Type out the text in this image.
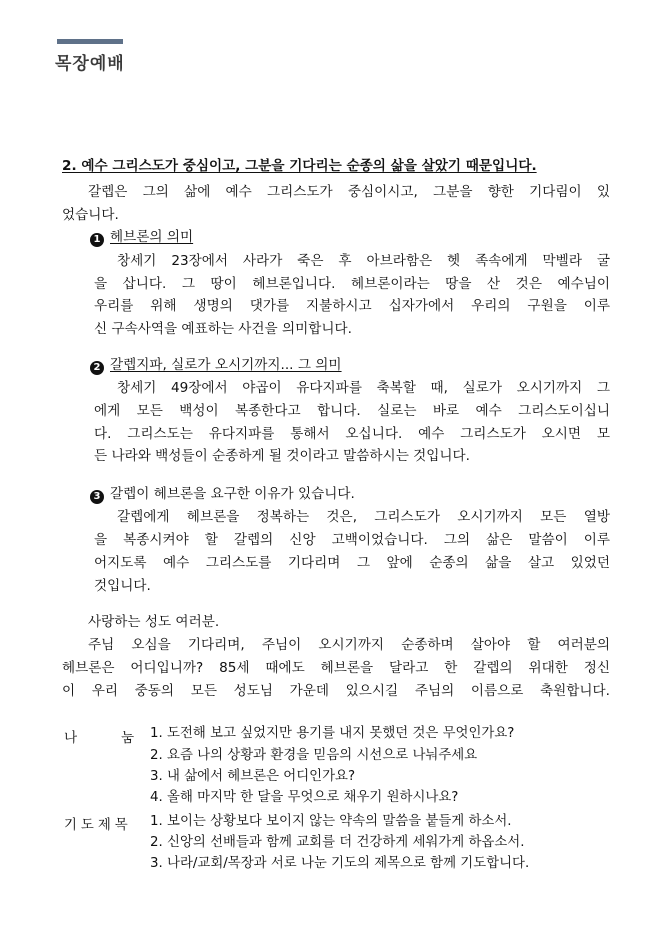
목장예배
2. 예수 그리스도가 중심이고, 그분을 기다리는 순종의 삶을 살았기 때문입니다.
갈렙은 그의 삶에 예수 그리스도가 중심이시고, 그분을 향한 기다림이 있
었습니다.
1 헤브론의 의미
창세기 23장에서 사라가 죽은 후 아브라함은 헷 족속에게 막벨라 굴
을 삽니다. 그 땅이 헤브론입니다. 헤브론이라는 땅을 산 것은 예수님이
우리를 위해 생명의 댓가를 지불하시고 십자가에서 우리의 구원을 이루
신 구속사역을 예표하는 사건을 의미합니다.
2 갈렙지파, 실로가 오시기까지... 그 의미
창세기 49장에서 야곱이 유다지파를 축복할 때, 실로가 오시기까지 그
에게 모든 백성이 복종한다고 합니다. 실로는 바로 예수 그리스도이십니
다. 그리스도는 유다지파를 통해서 오십니다. 예수 그리스도가 오시면 모
든 나라와 백성들이 순종하게 될 것이라고 말씀하시는 것입니다.
3 갈렙이 헤브론을 요구한 이유가 있습니다.
갈렙에게 헤브론을 정복하는 것은, 그리스도가 오시기까지 모든 열방
을 복종시켜야 할 갈렙의 신앙 고백이었습니다. 그의 삶은 말씀이 이루
어지도록 예수 그리스도를 기다리며 그 앞에 순종의 삶을 살고 있었던
것입니다.
사랑하는 성도 여러분.
주님 오심을 기다리며, 주님이 오시기까지 순종하며 살아야 할 여러분의
헤브론은 어디입니까? 85세 때에도 헤브론을 달라고 한 갈렙의 위대한 정신
이 우리 중동의 모든 성도님 가운데 있으시길 주님의 이름으로 축원합니다.
나	눔 1. 도전해 보고 싶었지만 용기를 내지 못했던 것은 무엇인가요?
2. 요즘 나의 상황과 환경을 믿음의 시선으로 나눠주세요
3. 내 삶에서 헤브론은 어디인가요?
4. 올해 마지막 한 달을 무엇으로 채우기 원하시나요?
기도제목 1. 보이는 상황보다 보이지 않는 약속의 말씀을 붙들게 하소서.
2. 신앙의 선배들과 함께 교회를 더 건강하게 세워가게 하옵소서.
3. 나라/교회/목장과 서로 나눈 기도의 제목으로 함께 기도합니다.
